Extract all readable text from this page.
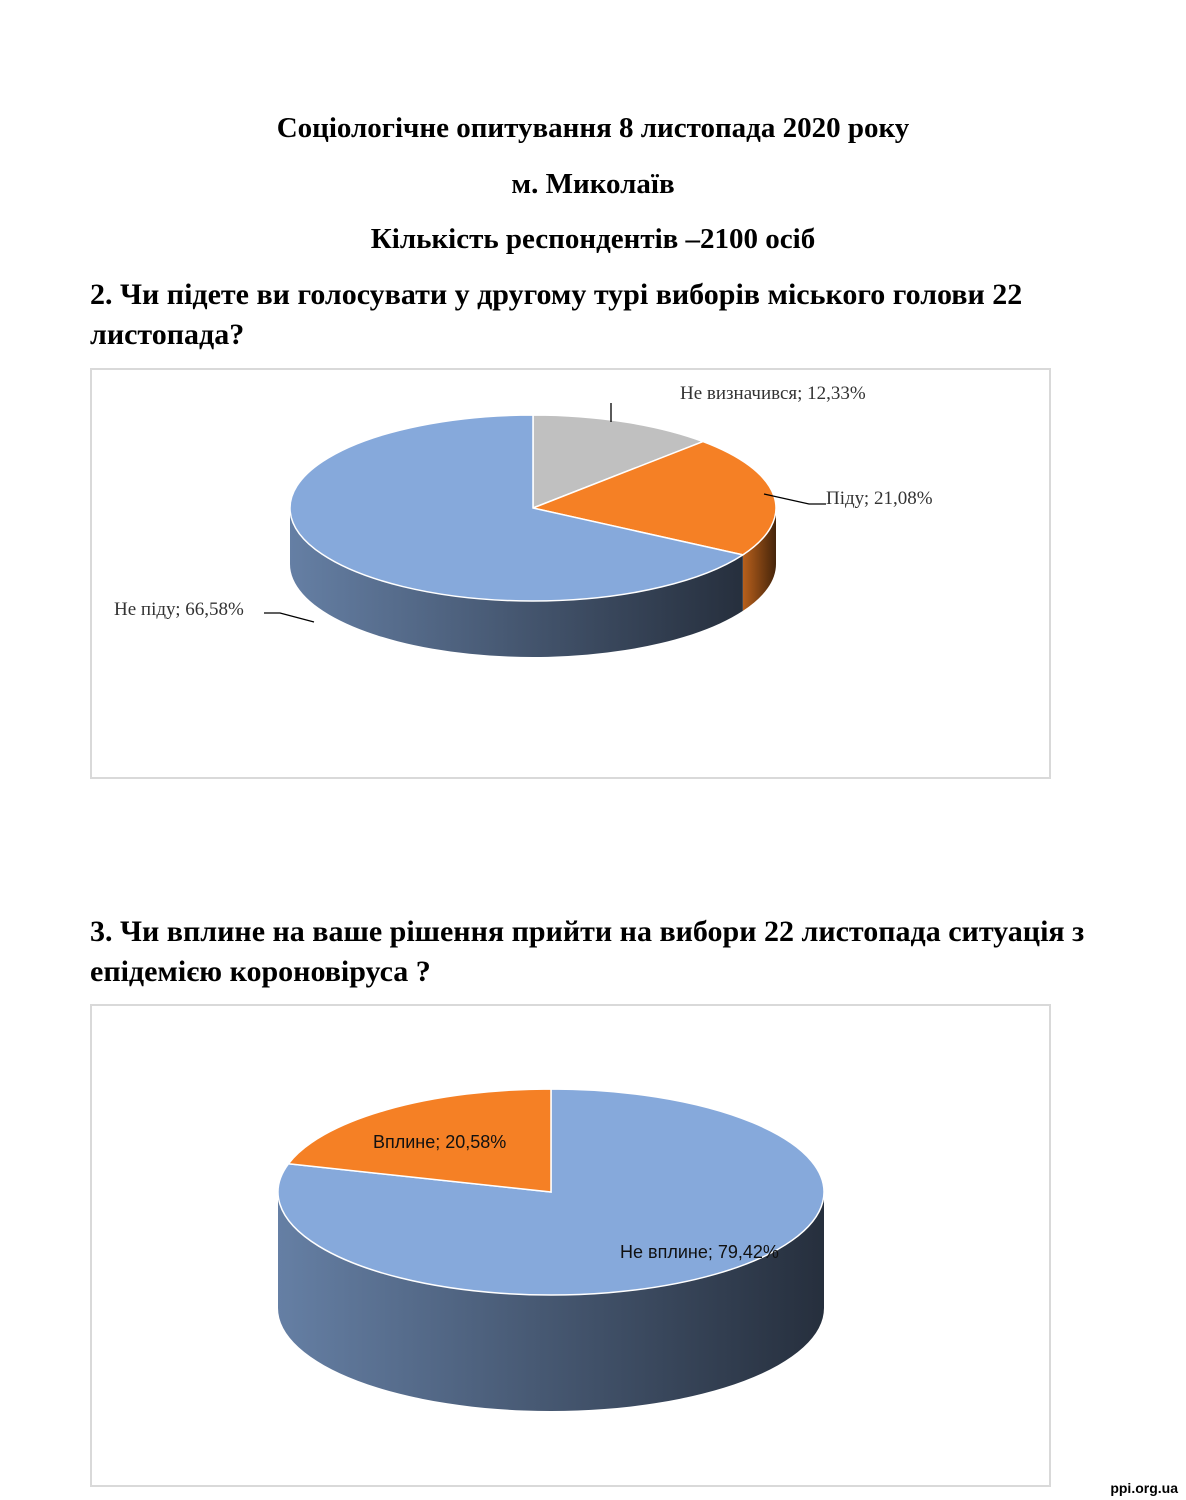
Соціологічне опитування 8 листопада 2020 року
м. Миколаїв
Кількість респондентів –2100 осіб
2. Чи підете ви голосувати у другому турі виборів міського голови 22
листопада?
Не визначився; 12,33%
Піду; 21,08%
Не піду; 66,58%
3. Чи вплине на ваше рішення прийти на вибори 22 листопада ситуація з
епідемією короновіруса ?
Не вплине; 79,42%
Вплине; 20,58%
ppi.org.ua
